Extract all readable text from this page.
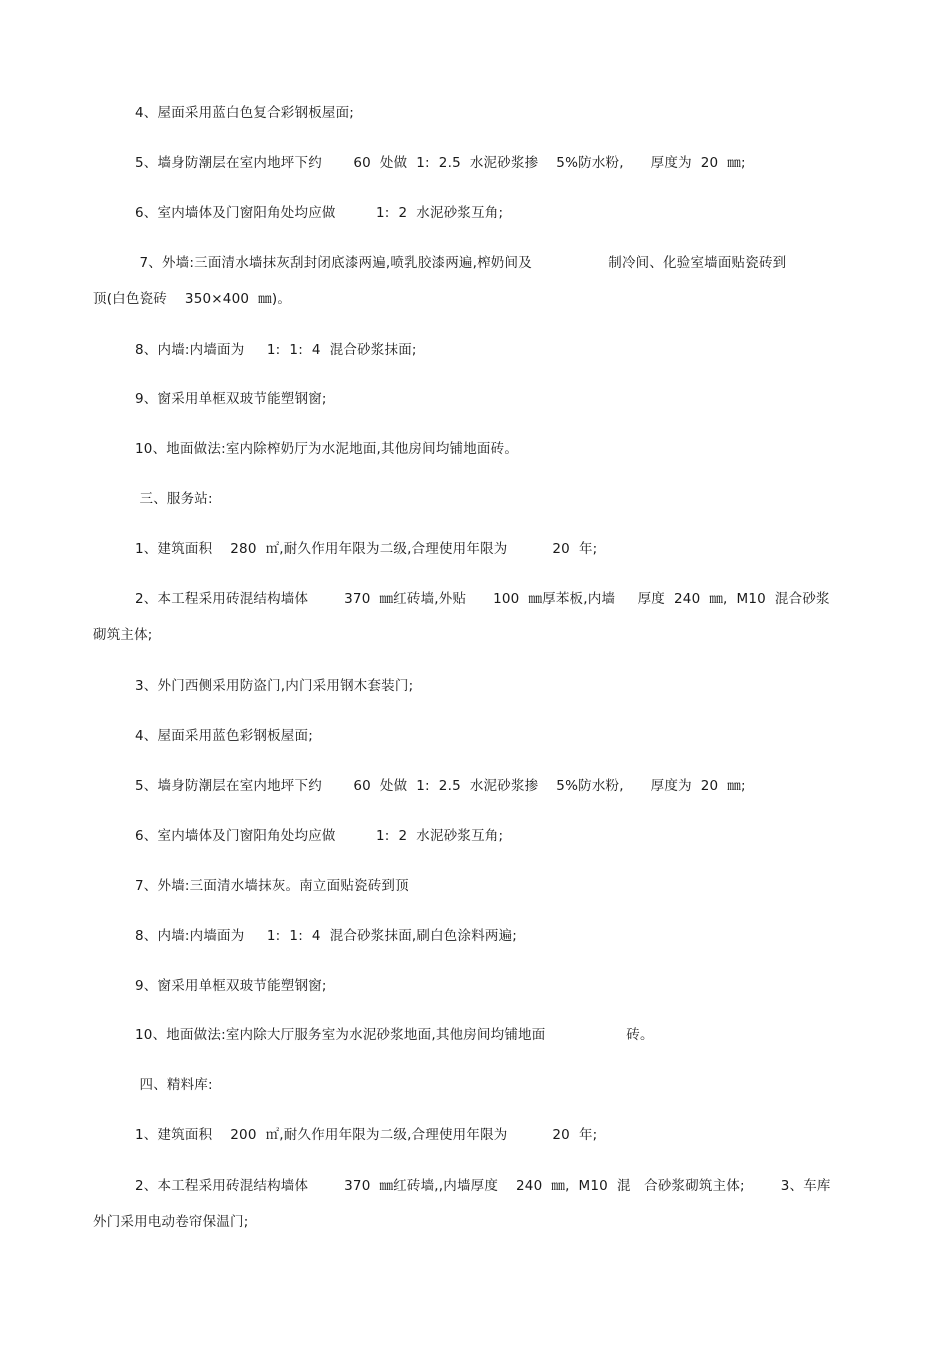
4、屋面采用蓝白色复合彩钢板屋面;
5、墙身防潮层在室内地坪下约       60  处做  1:  2.5  水泥砂浆掺    5%防水粉,      厚度为  20  ㎜;
6、室内墙体及门窗阳角处均应做         1:  2  水泥砂浆互角;
7、外墙:三面清水墙抹灰刮封闭底漆两遍,喷乳胶漆两遍,榨奶间及                 制冷间、化验室墙面贴瓷砖到
顶(白色瓷砖    350×400  ㎜)。
8、内墙:内墙面为     1:  1:  4  混合砂浆抹面;
9、窗采用单框双玻节能塑钢窗;
10、地面做法:室内除榨奶厅为水泥地面,其他房间均铺地面砖。
三、服务站:
1、建筑面积    280  ㎡,耐久作用年限为二级,合理使用年限为          20  年;
2、本工程采用砖混结构墙体        370  ㎜红砖墙,外贴      100  ㎜厚苯板,内墙     厚度  240  ㎜,  M10  混合砂浆
砌筑主体;
3、外门西侧采用防盗门,内门采用钢木套装门;
4、屋面采用蓝色彩钢板屋面;
5、墙身防潮层在室内地坪下约       60  处做  1:  2.5  水泥砂浆掺    5%防水粉,      厚度为  20  ㎜;
6、室内墙体及门窗阳角处均应做         1:  2  水泥砂浆互角;
7、外墙:三面清水墙抹灰。南立面贴瓷砖到顶
8、内墙:内墙面为     1:  1:  4  混合砂浆抹面,刷白色涂料两遍;
9、窗采用单框双玻节能塑钢窗;
10、地面做法:室内除大厅服务室为水泥砂浆地面,其他房间均铺地面                  砖。
四、精料库:
1、建筑面积    200  ㎡,耐久作用年限为二级,合理使用年限为          20  年;
2、本工程采用砖混结构墙体        370  ㎜红砖墙,,内墙厚度    240  ㎜,  M10  混   合砂浆砌筑主体;        3、车库
外门采用电动卷帘保温门;
